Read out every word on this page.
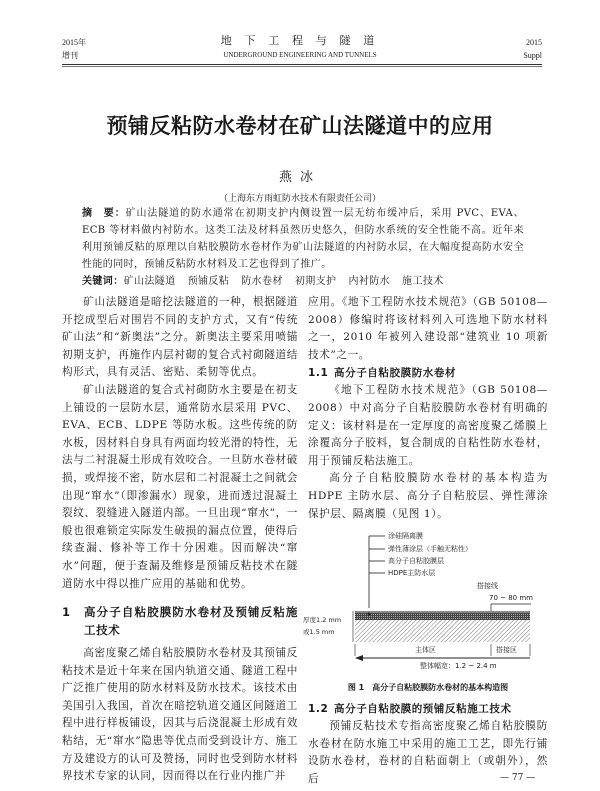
2015年
增刊
地 下 工 程 与 隧 道
UNDERGROUND ENGINEERING AND TUNNELS
2015
Suppl
预铺反粘防水卷材在矿山法隧道中的应用
燕冰
（上海东方雨虹防水技术有限责任公司）
摘　要：矿山法隧道的防水通常在初期支护内侧设置一层无纺布缓冲后，采用 PVC、EVA、ECB 等材料做内衬防水。这类工法及材料虽然历史悠久，但防水系统的安全性能不高。近年来利用预铺反粘的原理以自粘胶膜防水卷材作为矿山法隧道的内衬防水层，在大幅度提高防水安全性能的同时，预铺反粘防水材料及工艺也得到了推广。
关键词：矿山法隧道 预铺反粘 防水卷材 初期支护 内衬防水 施工技术

矿山法隧道是暗挖法隧道的一种，根据隧道开挖成型后对围岩不同的支护方式，又有“传统矿山法”和“新奥法”之分。新奥法主要采用喷锚初期支护，再施作内层衬砌的复合式衬砌隧道结构形式，具有灵活、密贴、柔韧等优点。

矿山法隧道的复合式衬砌防水主要是在初支上铺设的一层防水层，通常防水层采用 PVC、EVA、ECB、LDPE 等防水板。这些传统的防水板，因材料自身具有两面均较光滑的特性，无法与二衬混凝土形成有效咬合。一旦防水卷材破损，或焊接不密，防水层和二衬混凝土之间就会出现“窜水”（即渗漏水）现象，进而透过混凝土裂纹、裂缝进入隧道内部。一旦出现“窜水”，一般也很难锁定实际发生破损的漏点位置，使得后续查漏、修补等工作十分困难。因而解决“窜水”问题，便于查漏及维修是预铺反粘技术在隧道防水中得以推广应用的基础和优势。

1	高分子自粘胶膜防水卷材及预铺反粘施工技术

高密度聚乙烯自粘胶膜防水卷材及其预铺反粘技术是近十年来在国内轨道交通、隧道工程中广泛推广使用的防水材料及防水技术。该技术由美国引入我国，首次在暗挖轨道交通区间隧道工程中进行样板铺设，因其与后浇混凝土形成有效粘结，无“窜水”隐患等优点而受到设计方、施工方及建设方的认可及赞扬，同时也受到防水材料界技术专家的认同，因而得以在行业内推广并

应用。《地下工程防水技术规范》（GB 50108—2008）修编时将该材料列入可选地下防水材料之一，2010 年被列入建设部“建筑业 10 项新技术”之一。

1.1 高分子自粘胶膜防水卷材

《地下工程防水技术规范》（GB 50108—2008）中对高分子自粘胶膜防水卷材有明确的定义：该材料是在一定厚度的高密度聚乙烯膜上涂覆高分子胶料，复合制成的自粘性防水卷材，用于预铺反粘法施工。

高分子自粘胶膜防水卷材的基本构造为 HDPE 主防水层、高分子自粘胶层、弹性薄涂保护层、隔离膜（见图 1）。

厚度1.2 mm
或1.5 mm
涂硅隔离膜
弹性薄涂层（手触无粘性）
高分子自粘胶膜层
HDPE主防水层
搭接线
70 ~ 80 mm
主体区	搭接区
整体幅宽：1.2 ~ 2.4 m
图 1 高分子自粘胶膜防水卷材的基本构造图
1.2 高分子自粘胶膜的预铺反粘施工技术

预铺反粘技术专指高密度聚乙烯自粘胶膜防水卷材在防水施工中采用的施工工艺，即先行铺设防水卷材，卷材的自粘面朝上（或朝外），然后	— 77 —
